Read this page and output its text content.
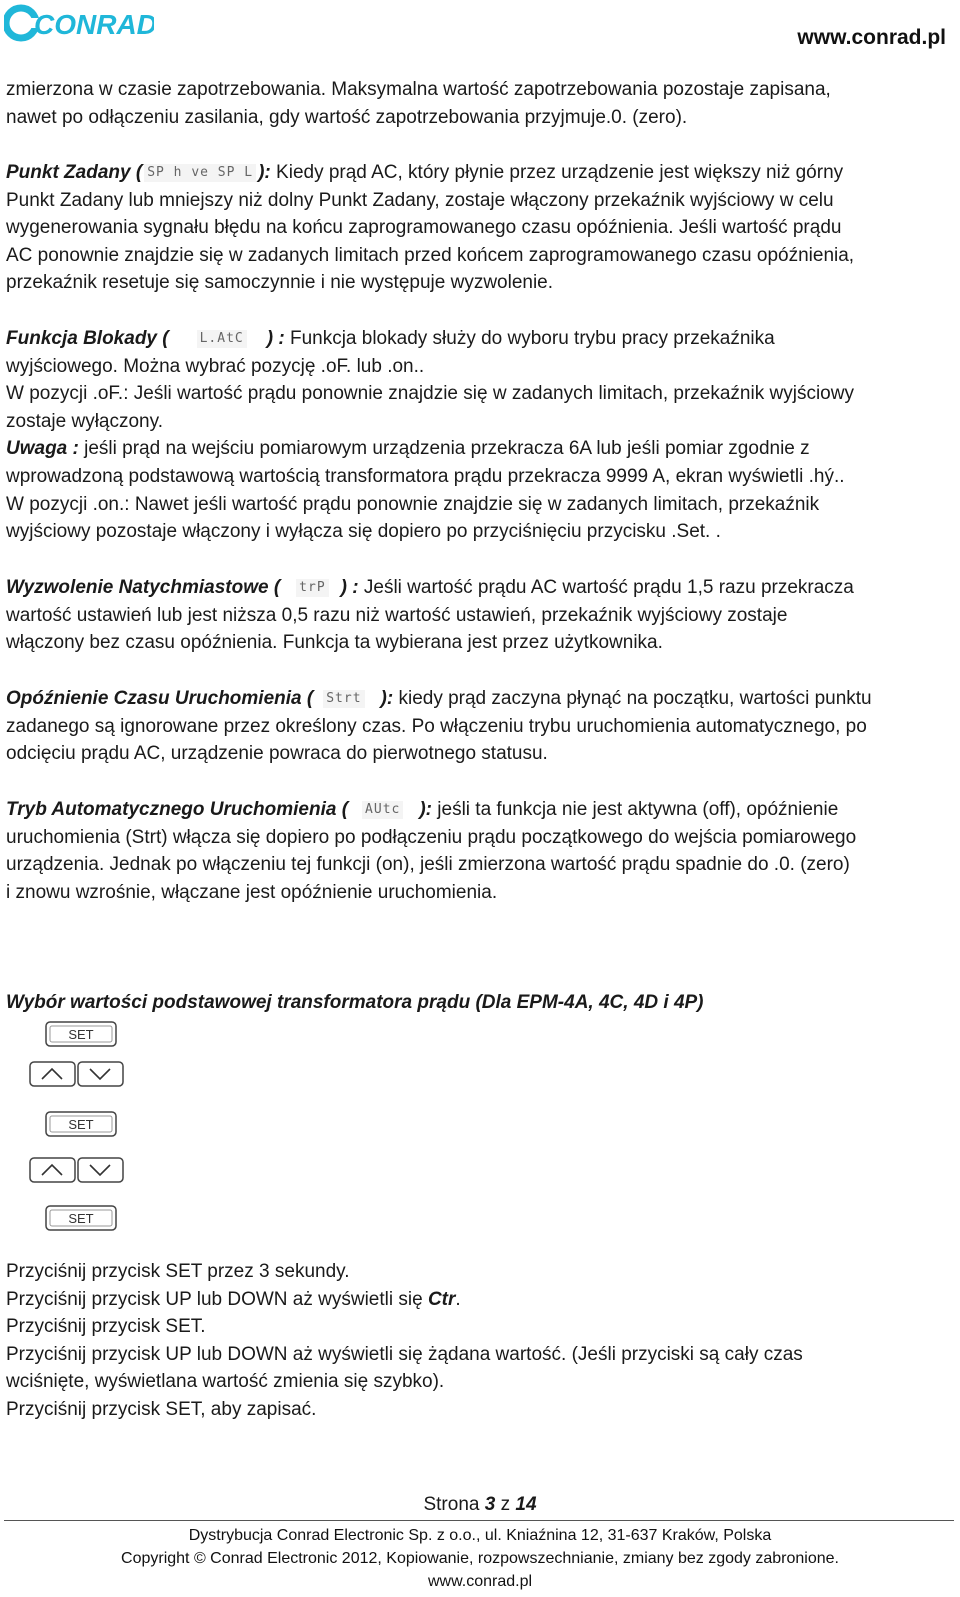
CONRAD	www.conrad.pl
zmierzona w czasie zapotrzebowania. Maksymalna wartość zapotrzebowania pozostaje zapisana,
nawet po odłączeniu zasilania, gdy wartość zapotrzebowania przyjmuje.0. (zero).
Punkt Zadany ( SP h ve SP L ): Kiedy prąd AC, który płynie przez urządzenie jest większy niż górny
Punkt Zadany lub mniejszy niż dolny Punkt Zadany, zostaje włączony przekaźnik wyjściowy w celu
wygenerowania sygnału błędu na końcu zaprogramowanego czasu opóźnienia. Jeśli wartość prądu
AC ponownie znajdzie się w zadanych limitach przed końcem zaprogramowanego czasu opóźnienia,
przekaźnik resetuje się samoczynnie i nie występuje wyzwolenie.
Funkcja Blokady ( L.AtC ) : Funkcja blokady służy do wyboru trybu pracy przekaźnika
wyjściowego. Można wybrać pozycję .oF. lub .on..
W pozycji .oF.: Jeśli wartość prądu ponownie znajdzie się w zadanych limitach, przekaźnik wyjściowy
zostaje wyłączony.
Uwaga : jeśli prąd na wejściu pomiarowym urządzenia przekracza 6A lub jeśli pomiar zgodnie z
wprowadzoną podstawową wartością transformatora prądu przekracza 9999 A, ekran wyświetli .hý..
W pozycji .on.: Nawet jeśli wartość prądu ponownie znajdzie się w zadanych limitach, przekaźnik
wyjściowy pozostaje włączony i wyłącza się dopiero po przyciśnięciu przycisku .Set. .
Wyzwolenie Natychmiastowe ( trP ) : Jeśli wartość prądu AC wartość prądu 1,5 razu przekracza
wartość ustawień lub jest niższa 0,5 razu niż wartość ustawień, przekaźnik wyjściowy zostaje
włączony bez czasu opóźnienia. Funkcja ta wybierana jest przez użytkownika.
Opóźnienie Czasu Uruchomienia ( Strt ): kiedy prąd zaczyna płynąć na początku, wartości punktu
zadanego są ignorowane przez określony czas. Po włączeniu trybu uruchomienia automatycznego, po
odcięciu prądu AC, urządzenie powraca do pierwotnego statusu.
Tryb Automatycznego Uruchomienia ( AUtc ): jeśli ta funkcja nie jest aktywna (off), opóźnienie
uruchomienia (Strt) włącza się dopiero po podłączeniu prądu początkowego do wejścia pomiarowego
urządzenia. Jednak po włączeniu tej funkcji (on), jeśli zmierzona wartość prądu spadnie do .0. (zero)
i znowu wzrośnie, włączane jest opóźnienie uruchomienia.
Wybór wartości podstawowej transformatora prądu (Dla EPM-4A, 4C, 4D i 4P)
SET
SET
SET
Przyciśnij przycisk SET przez 3 sekundy.
Przyciśnij przycisk UP lub DOWN aż wyświetli się Ctr.
Przyciśnij przycisk SET.
Przyciśnij przycisk UP lub DOWN aż wyświetli się żądana wartość. (Jeśli przyciski są cały czas
wciśnięte, wyświetlana wartość zmienia się szybko).
Przyciśnij przycisk SET, aby zapisać.
Strona 3 z 14
Dystrybucja Conrad Electronic Sp. z o.o., ul. Kniaźnina 12, 31-637 Kraków, Polska
Copyright © Conrad Electronic 2012, Kopiowanie, rozpowszechnianie, zmiany bez zgody zabronione.
www.conrad.pl
